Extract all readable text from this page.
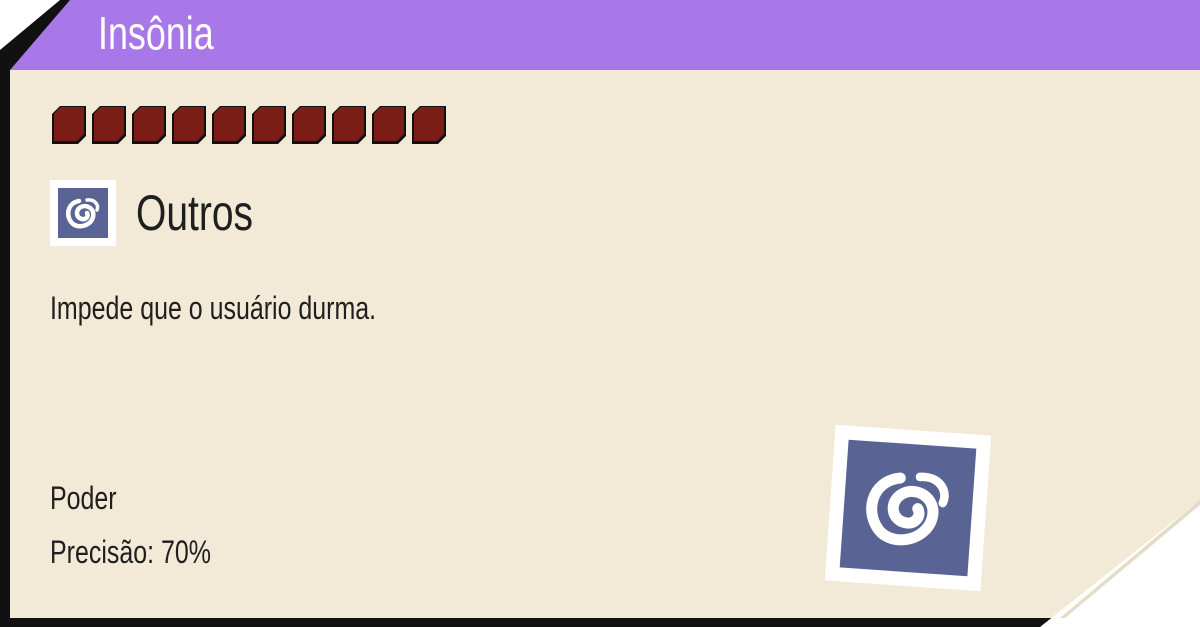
Insônia
Outros
Impede que o usuário durma.
Poder
Precisão: 70%
